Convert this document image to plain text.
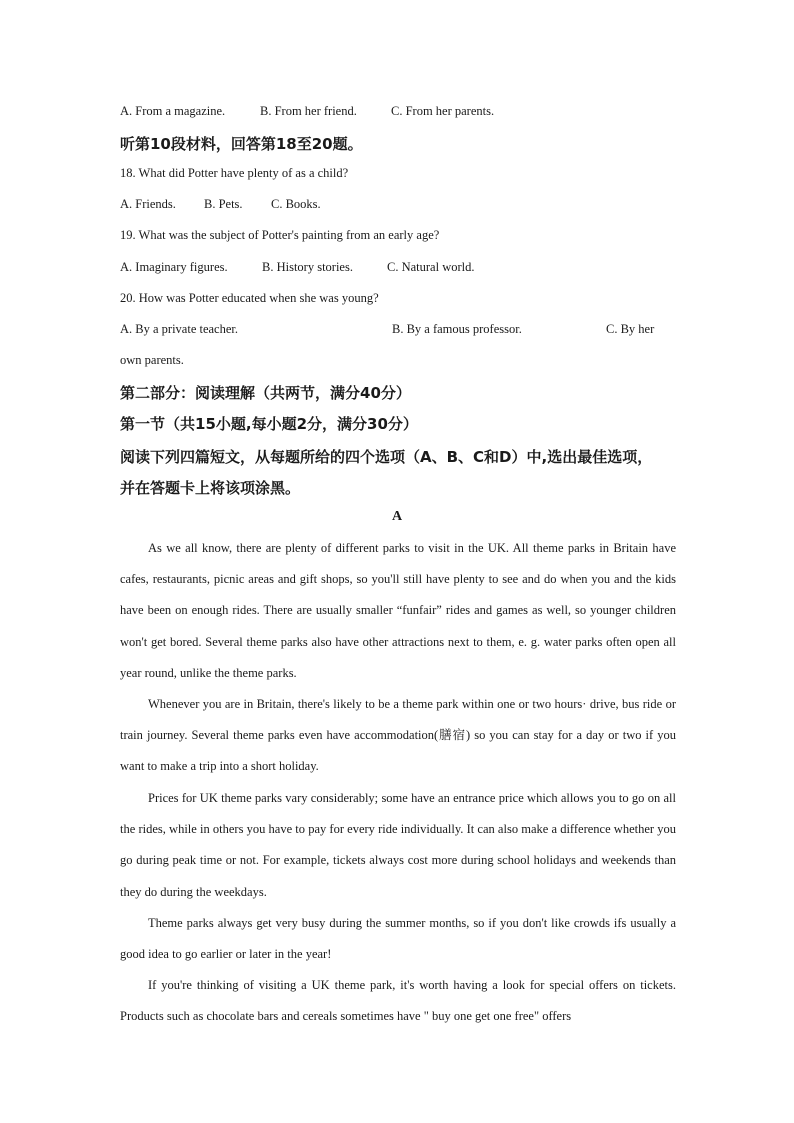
A. From a magazine.	B. From her friend.	C. From her parents.
听第10段材料，回答第18至20题。
18. What did Potter have plenty of as a child?
A. Friends. B. Pets. C. Books.
19. What was the subject of Potter's painting from an early age?
A. Imaginary figures.	B. History stories.	C. Natural world.
20. How was Potter educated when she was young?
A. By a private teacher.	B. By a famous professor.	C. By her
own parents.
第二部分：阅读理解（共两节，满分40分）
第一节（共15小题,每小题2分，满分30分）
阅读下列四篇短文，从每题所给的四个选项（A、B、C和D）中,选出最佳选项，
并在答题卡上将该项涂黑。
A
As we all know, there are plenty of different parks to visit in the UK. All theme parks in Britain have cafes, restaurants, picnic areas and gift shops, so you'll still have plenty to see and do when you and the kids have been on enough rides. There are usually smaller “funfair” rides and games as well, so younger children won't get bored. Several theme parks also have other attractions next to them, e. g. water parks often open all year round, unlike the theme parks.
Whenever you are in Britain, there's likely to be a theme park within one or two hours· drive, bus ride or train journey. Several theme parks even have accommodation(膳宿) so you can stay for a day or two if you want to make a trip into a short holiday.
Prices for UK theme parks vary considerably; some have an entrance price which allows you to go on all the rides, while in others you have to pay for every ride individually. It can also make a difference whether you go during peak time or not. For example, tickets always cost more during school holidays and weekends than they do during the weekdays.
Theme parks always get very busy during the summer months, so if you don't like crowds ifs usually a good idea to go earlier or later in the year!
If you're thinking of visiting a UK theme park, it's worth having a look for special offers on tickets. Products such as chocolate bars and cereals sometimes have " buy one get one free" offers
